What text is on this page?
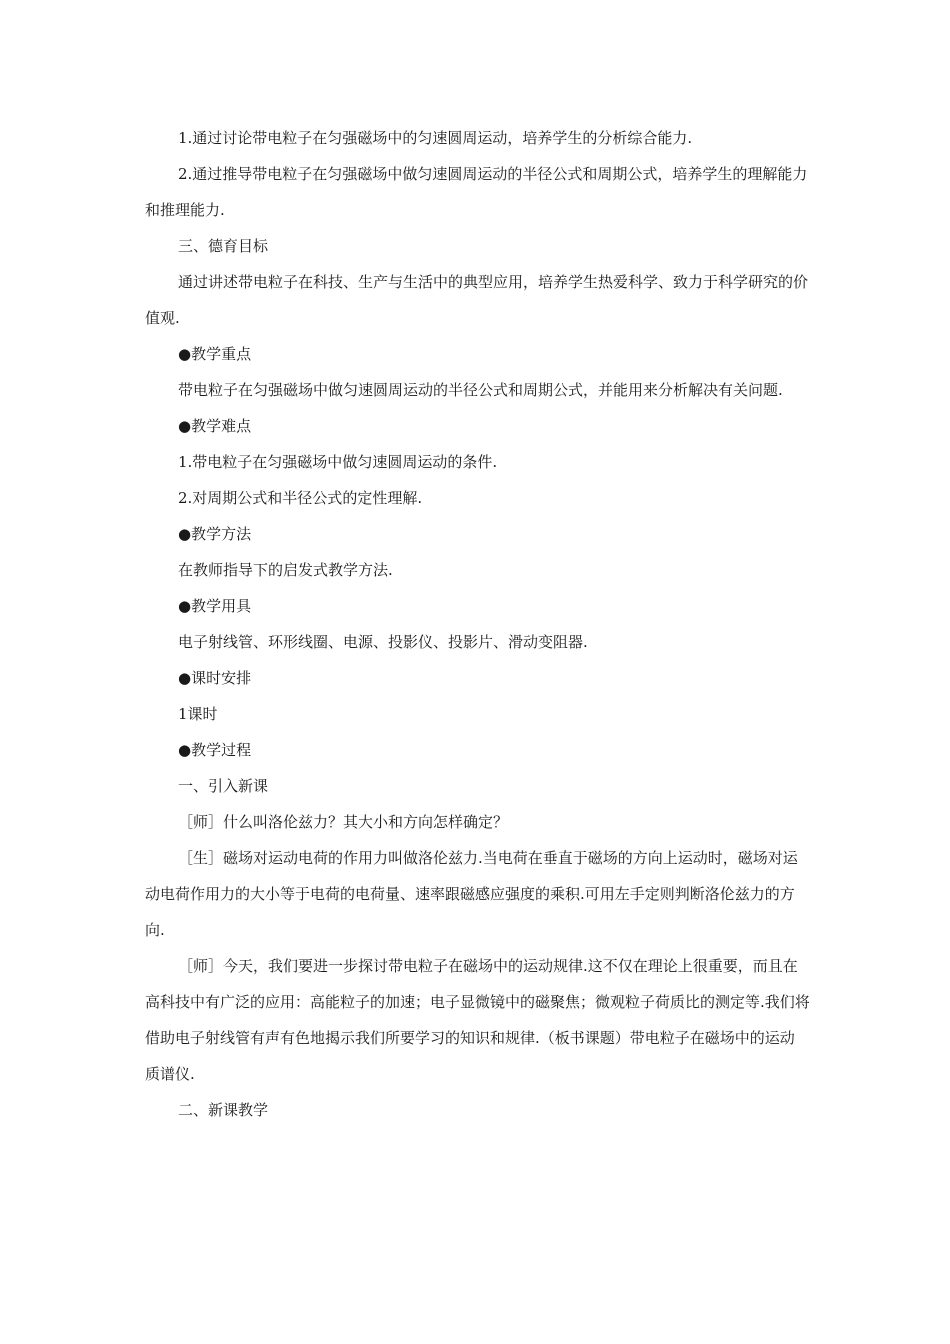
1.通过讨论带电粒子在匀强磁场中的匀速圆周运动，培养学生的分析综合能力.

2.通过推导带电粒子在匀强磁场中做匀速圆周运动的半径公式和周期公式，培养学生的理解能力和推理能力.

三、德育目标

通过讲述带电粒子在科技、生产与生活中的典型应用，培养学生热爱科学、致力于科学研究的价值观.

●教学重点

带电粒子在匀强磁场中做匀速圆周运动的半径公式和周期公式，并能用来分析解决有关问题.

●教学难点

1.带电粒子在匀强磁场中做匀速圆周运动的条件.

2.对周期公式和半径公式的定性理解.

●教学方法

在教师指导下的启发式教学方法.

●教学用具

电子射线管、环形线圈、电源、投影仪、投影片、滑动变阻器.

●课时安排

1课时

●教学过程

一、引入新课

［师］什么叫洛伦兹力？其大小和方向怎样确定？

［生］磁场对运动电荷的作用力叫做洛伦兹力.当电荷在垂直于磁场的方向上运动时，磁场对运动电荷作用力的大小等于电荷的电荷量、速率跟磁感应强度的乘积.可用左手定则判断洛伦兹力的方向.

［师］今天，我们要进一步探讨带电粒子在磁场中的运动规律.这不仅在理论上很重要，而且在高科技中有广泛的应用：高能粒子的加速；电子显微镜中的磁聚焦；微观粒子荷质比的测定等.我们将借助电子射线管有声有色地揭示我们所要学习的知识和规律.（板书课题）带电粒子在磁场中的运动　质谱仪.

二、新课教学
